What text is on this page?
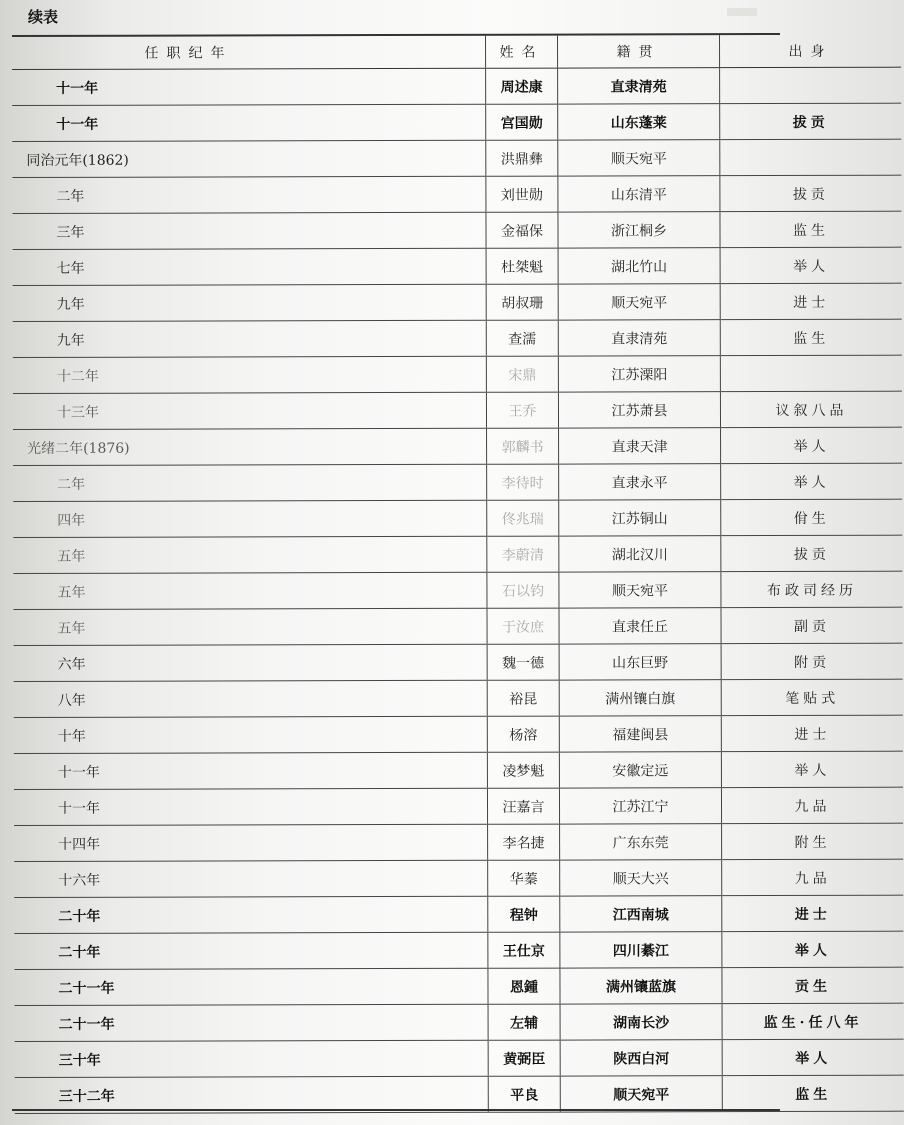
续表
任职纪年	姓名	籍贯	出身
十一年	周述康	直隶清苑	
十一年	宫国勋	山东蓬莱	拔贡
同治元年(1862)	洪鼎彝	顺天宛平	
二年	刘世勋	山东清平	拔贡
三年	金福保	浙江桐乡	监生
七年	杜桀魁	湖北竹山	举人
九年	胡叔珊	顺天宛平	进士
九年	查濡	直隶清苑	监生
十二年	宋鼎	江苏溧阳	
十三年	王乔	江苏萧县	议叙八品
光绪二年(1876)	郭麟书	直隶天津	举人
二年	李待时	直隶永平	举人
四年	佟兆瑞	江苏铜山	佾生
五年	李蔚清	湖北汉川	拔贡
五年	石以钧	顺天宛平	布政司经历
五年	于汝庶	直隶任丘	副贡
六年	魏一德	山东巨野	附贡
八年	裕昆	满州镶白旗	笔贴式
十年	杨溶	福建闽县	进士
十一年	凌梦魁	安徽定远	举人
十一年	汪嘉言	江苏江宁	九品
十四年	李名捷	广东东莞	附生
十六年	华蓁	顺天大兴	九品
二十年	程钟	江西南城	进士
二十年	王仕京	四川綦江	举人
二十一年	恩鍾	满州镶蓝旗	贡生
二十一年	左辅	湖南长沙	监生·任八年
三十年	黄弼臣	陕西白河	举人
三十二年	平良	顺天宛平	监生
